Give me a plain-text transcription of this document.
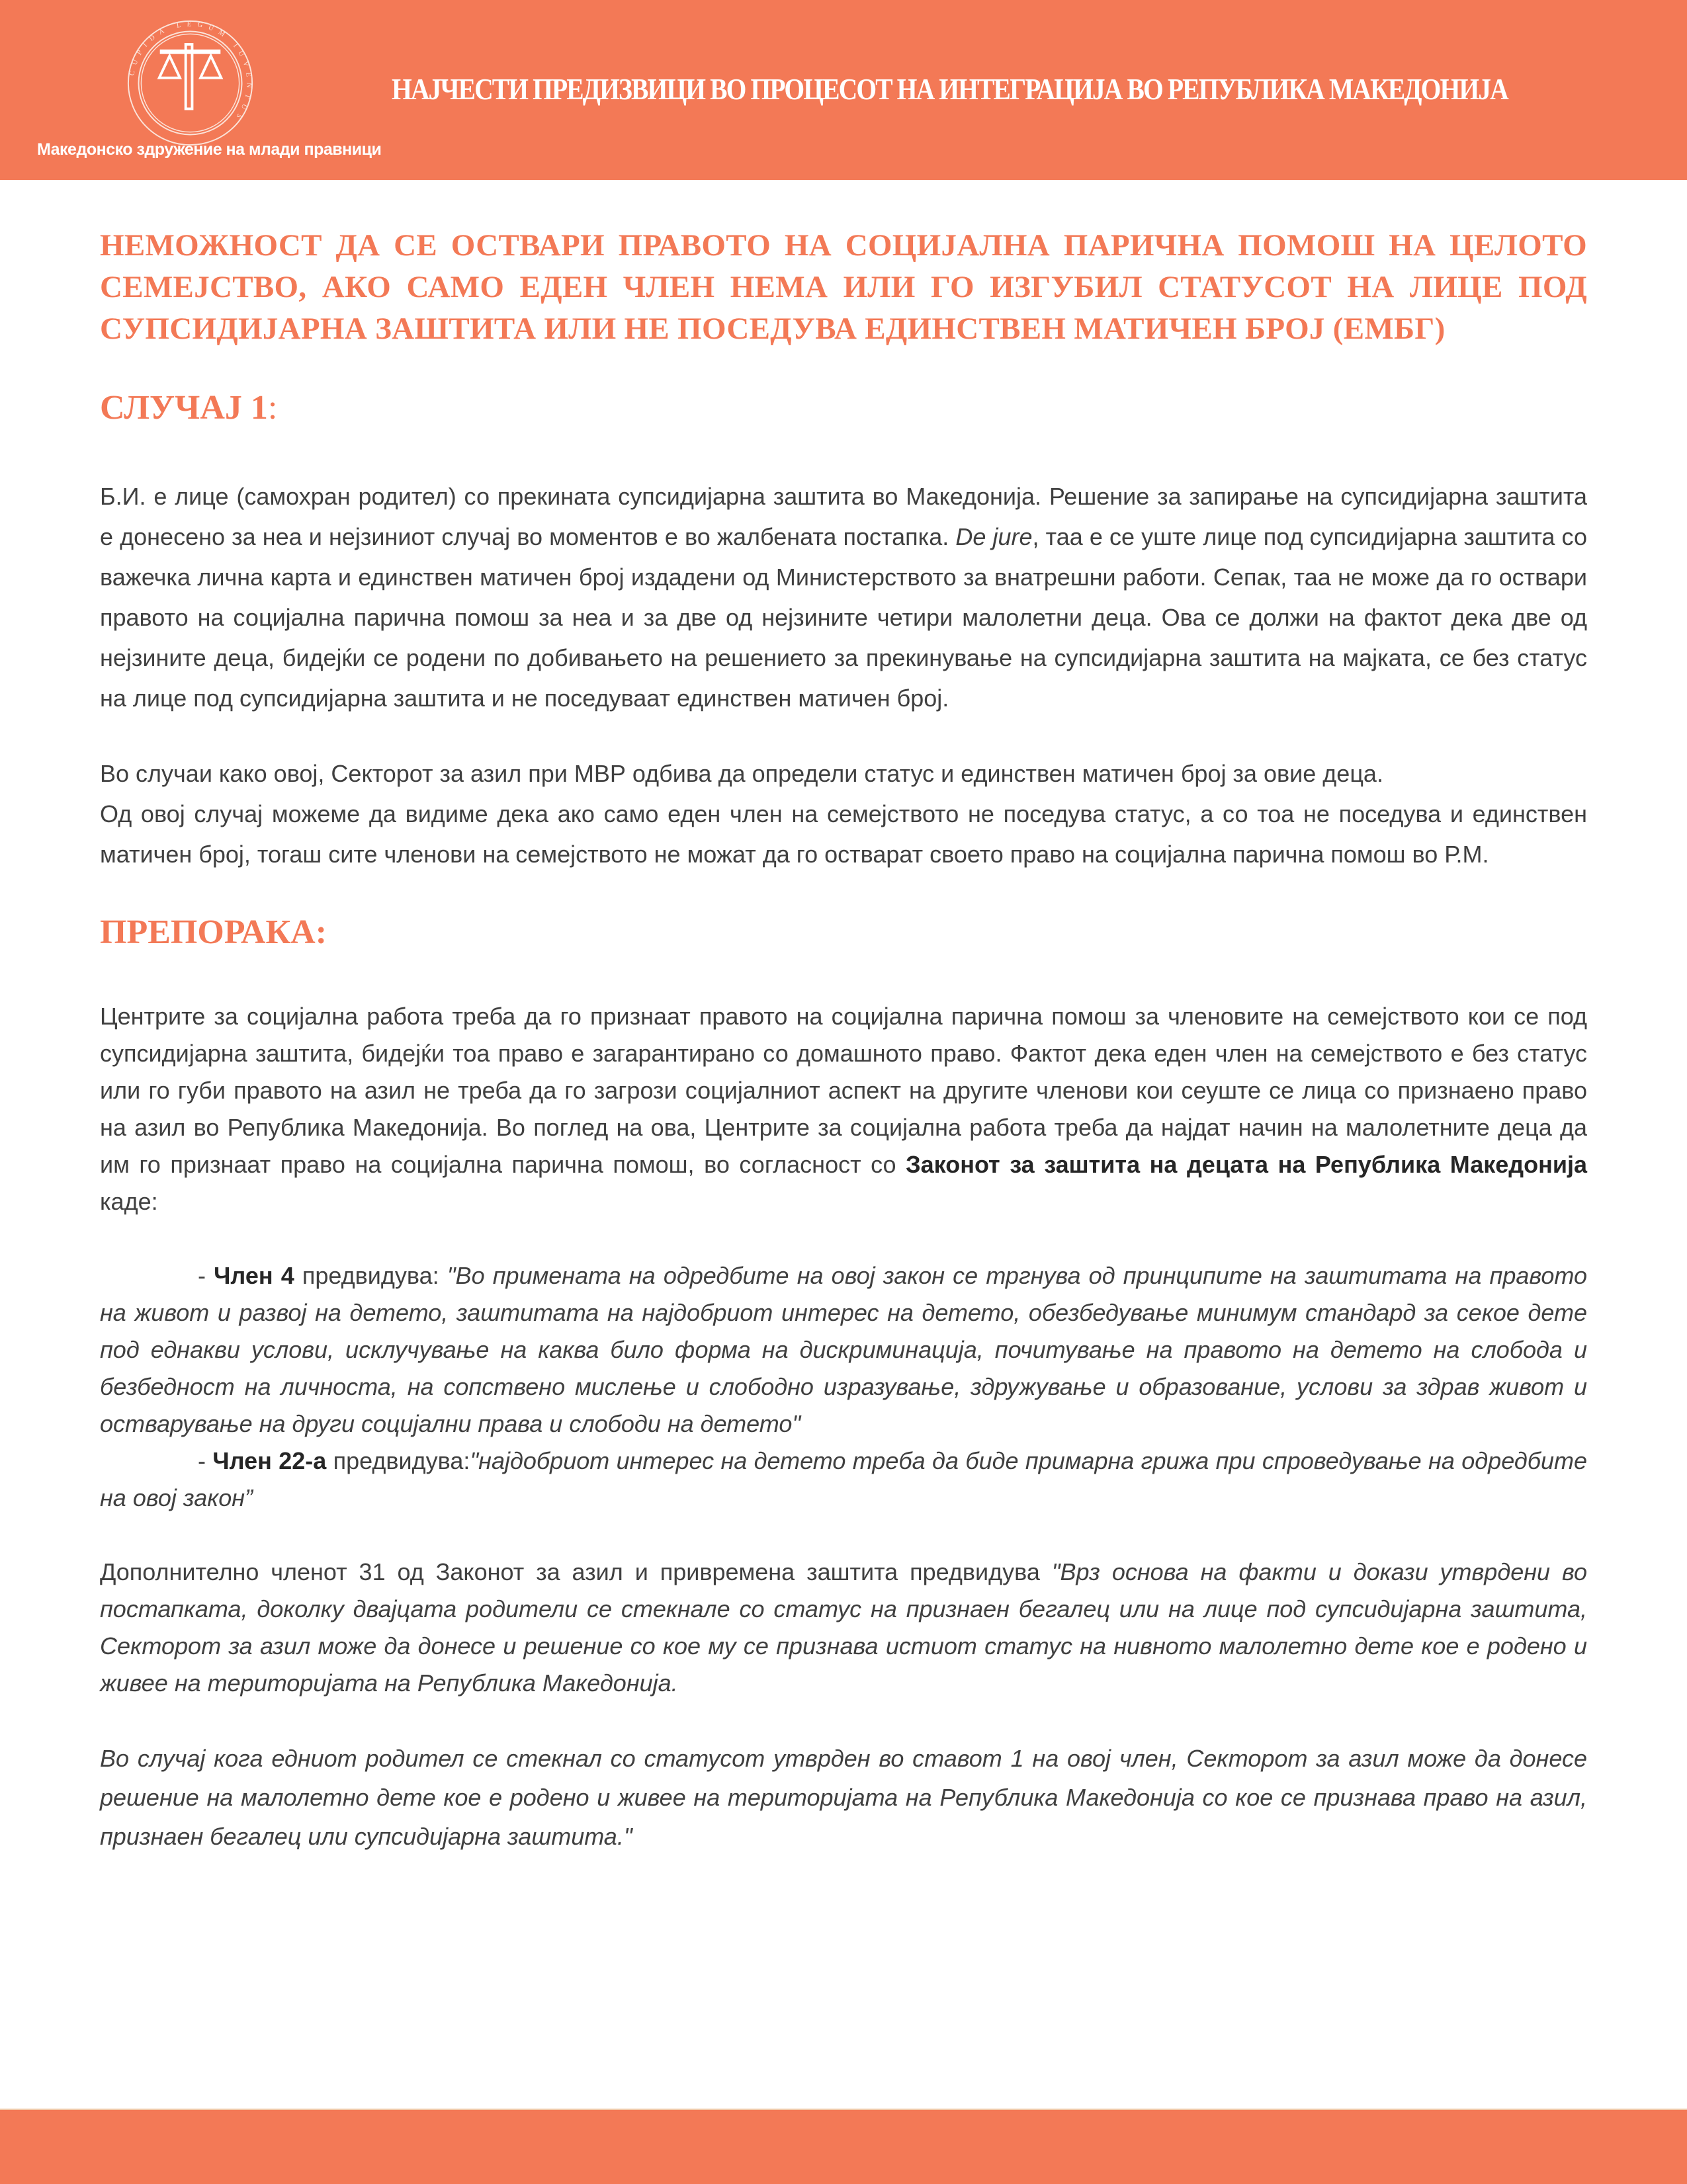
CUPIDA LEGUM IUVENTUS
Македонско здружение на млади правници
НАЈЧЕСТИ ПРЕДИЗВИЦИ ВО ПРОЦЕСОТ НА ИНТЕГРАЦИЈА ВО РЕПУБЛИКА МАКЕДОНИЈА
НЕМОЖНОСТ ДА СЕ ОСТВАРИ ПРАВОТО НА СОЦИЈАЛНА ПАРИЧНА ПОМОШ НА ЦЕЛОТО СЕМЕЈСТВО, АКО САМО ЕДЕН ЧЛЕН НЕМА ИЛИ ГО ИЗГУБИЛ СТАТУСОТ НА ЛИЦЕ ПОД СУПСИДИЈАРНА ЗАШТИТА ИЛИ НЕ ПОСЕДУВА ЕДИНСТВЕН МАТИЧЕН БРОЈ (ЕМБГ)
СЛУЧАЈ 1:

Б.И. е лице (самохран родител) со прекината супсидијарна заштита во Македонија. Решение за запирање на супсидијарна заштита е донесено за неа и нејзиниот случај во моментов е во жалбената постапка. De jure, таа е се уште лице под супсидијарна заштита со важечка лична карта и единствен матичен број издадени од Министерството за внатрешни работи. Сепак, таа не може да го оствари правото на социјална парична помош за неа и за две од нејзините четири малолетни деца. Ова се должи на фактот дека две од нејзините деца, бидејќи се родени по добивањето на решението за прекинување на супсидијарна заштита на мајката, се без статус на лице под супсидијарна заштита и не поседуваат единствен матичен број.

Во случаи како овој, Секторот за азил при МВР одбива да определи статус и единствен матичен број за овие деца.

Од овој случај можеме да видиме дека ако само еден член на семејството не поседува статус, а со тоа не поседува и единствен матичен број, тогаш сите членови на семејството не можат да го остварат своето право на социјална парична помош во Р.М.

ПРЕПОРАКА:

Центрите за социјална работа треба да го признаат правото на социјална парична помош за членовите на семејството кои се под супсидијарна заштита, бидејќи тоа право е загарантирано со домашното право. Фактот дека еден член на семејството е без статус или го губи правото на азил не треба да го загрози социјалниот аспект на другите членови кои сеуште се лица со признаено право на азил во Република Македонија. Во поглед на ова, Центрите за социјална работа треба да најдат начин на малолетните деца да им го признаат право на социјална парична помош, во согласност со Законот за заштита на децата на Република Македонија каде:

- Член 4 предвидува: "Во примената на одредбите на овој закон се тргнува од принципите на заштитата на правото на живот и развој на детето, заштитата на најдобриот интерес на детето, обезбедување минимум стандард за секое дете под еднакви услови, исклучување на каква било форма на дискриминација, почитување на правото на детето на слобода и безбедност на личноста, на сопствено мислење и слободно изразување, здружување и образование, услови за здрав живот и остварување на други социјални права и слободи на детето"

- Член 22-а предвидува:"најдобриот интерес на детето треба да биде примарна грижа при спроведување на одредбите на овој закон”

Дополнително членот 31 од Законот за азил и привремена заштита предвидува "Врз основа на факти и докази утврдени во постапката, доколку двајцата родители се стекнале со статус на признаен бегалец или на лице под супсидијарна заштита, Секторот за азил може да донесе и решение со кое му се признава истиот статус на нивното малолетно дете кое е родено и живее на територијата на Република Македонија.

Во случај кога едниот родител се стекнал со статусот утврден во ставот 1 на овој член, Секторот за азил може да донесе решение на малолетно дете кое е родено и живее на територијата на Република Македонија со кое се признава право на азил, признаен бегалец или супсидијарна заштита."
